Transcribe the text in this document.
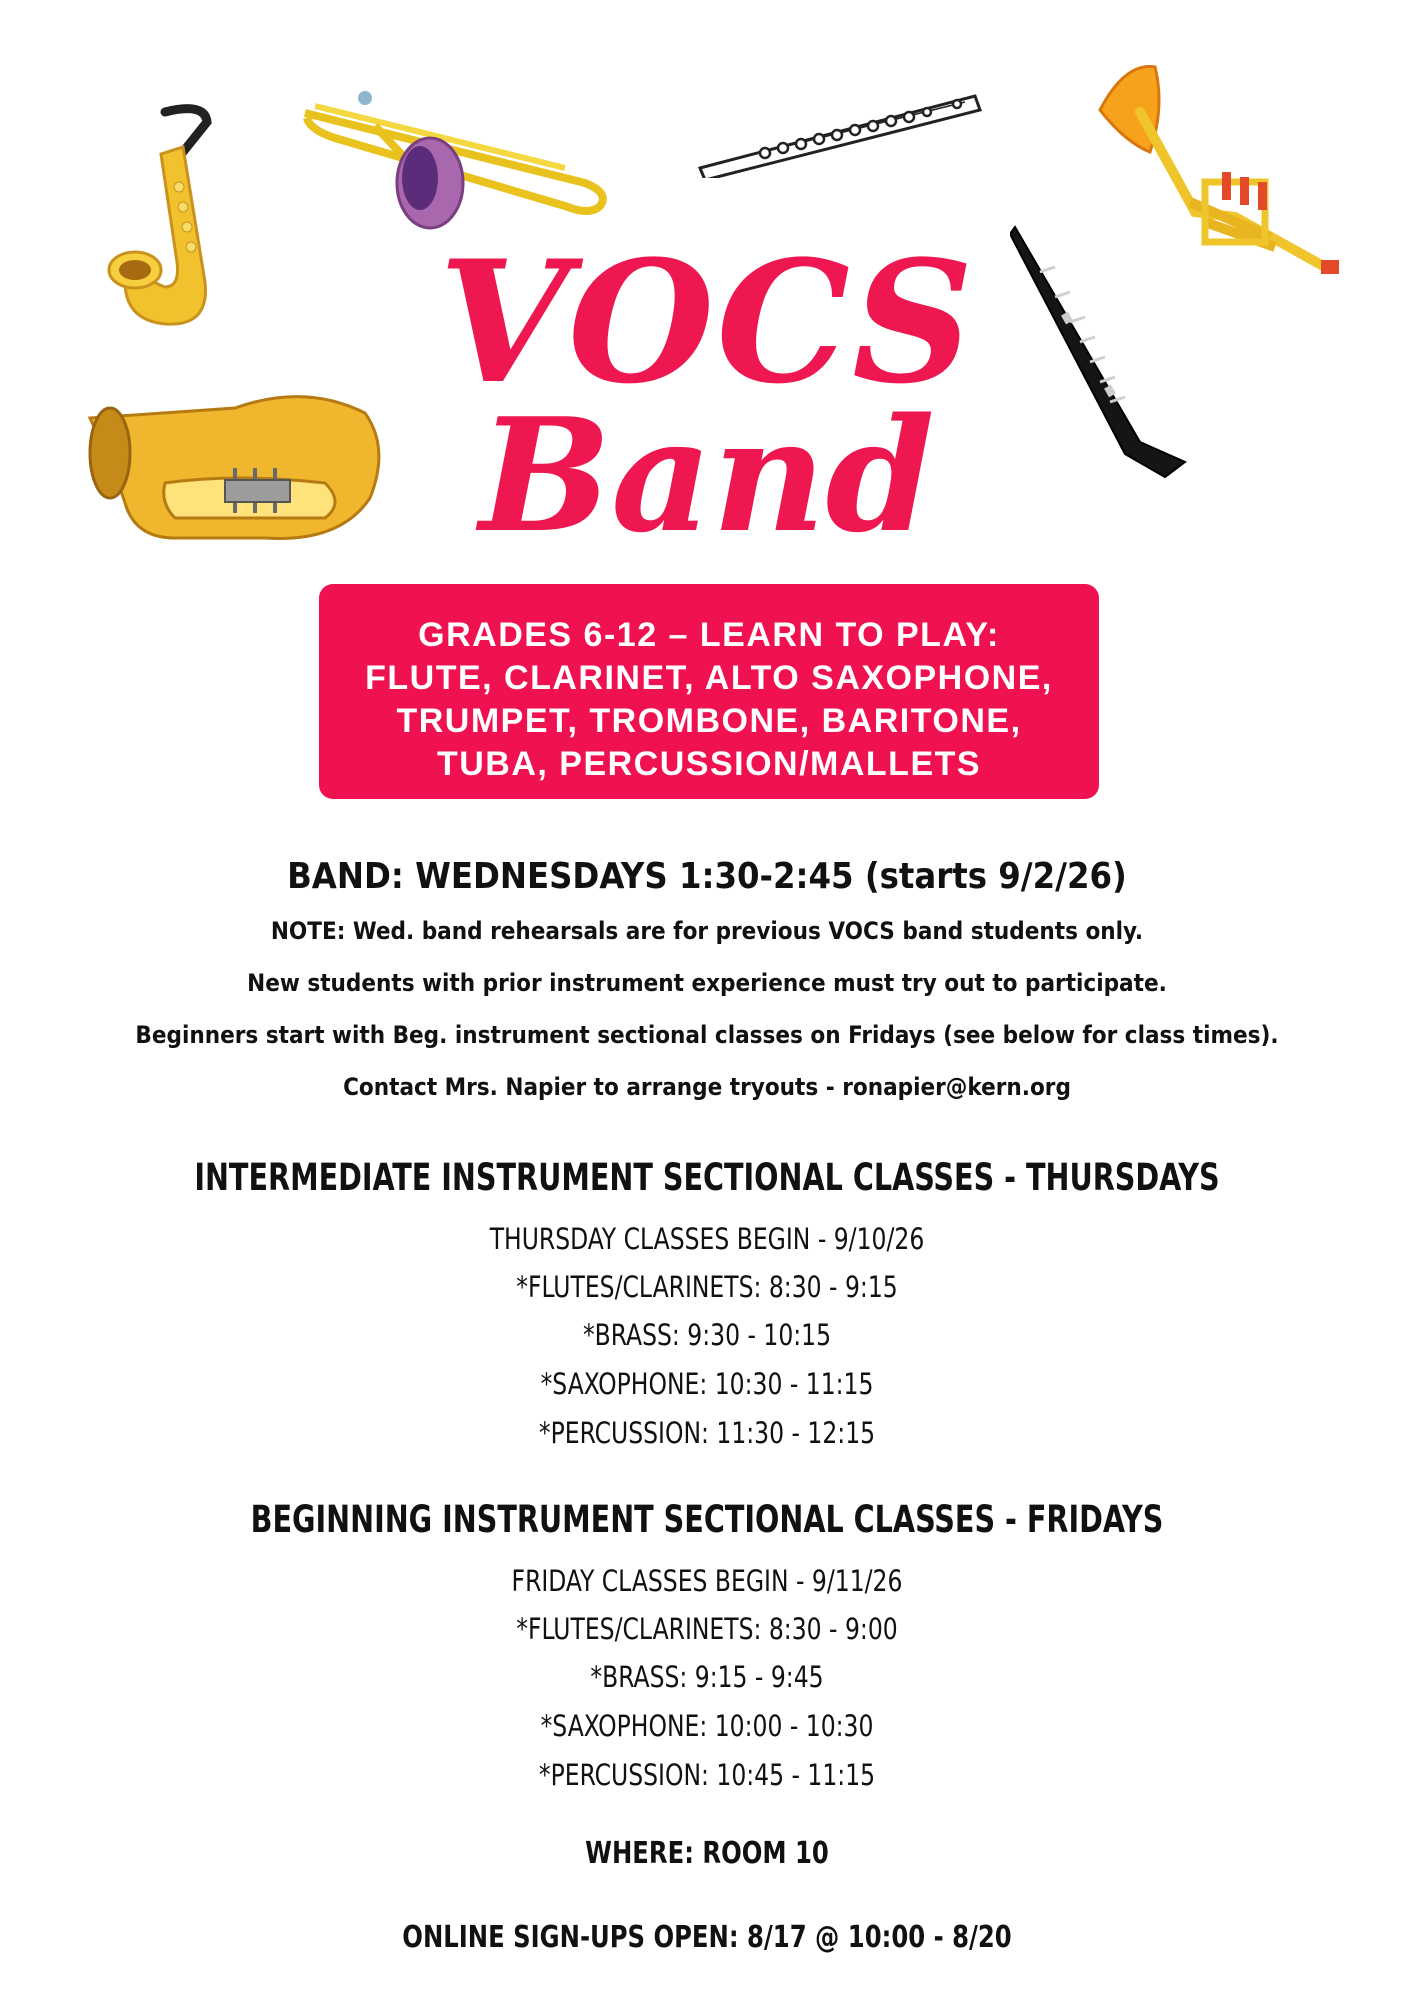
VOCS
Band
GRADES 6-12 – LEARN TO PLAY:
FLUTE, CLARINET, ALTO SAXOPHONE,
TRUMPET, TROMBONE, BARITONE,
TUBA, PERCUSSION/MALLETS
BAND: WEDNESDAYS 1:30-2:45 (starts 9/2/26)
NOTE: Wed. band rehearsals are for previous VOCS band students only.
New students with prior instrument experience must try out to participate.
Beginners start with Beg. instrument sectional classes on Fridays (see below for class times).
Contact Mrs. Napier to arrange tryouts - ronapier@kern.org
INTERMEDIATE INSTRUMENT SECTIONAL CLASSES - THURSDAYS
THURSDAY CLASSES BEGIN - 9/10/26
*FLUTES/CLARINETS: 8:30 - 9:15
*BRASS: 9:30 - 10:15
*SAXOPHONE: 10:30 - 11:15
*PERCUSSION: 11:30 - 12:15
BEGINNING INSTRUMENT SECTIONAL CLASSES - FRIDAYS
FRIDAY CLASSES BEGIN - 9/11/26
*FLUTES/CLARINETS: 8:30 - 9:00
*BRASS: 9:15 - 9:45
*SAXOPHONE: 10:00 - 10:30
*PERCUSSION: 10:45 - 11:15
WHERE: ROOM 10
ONLINE SIGN-UPS OPEN: 8/17 @ 10:00 - 8/20
